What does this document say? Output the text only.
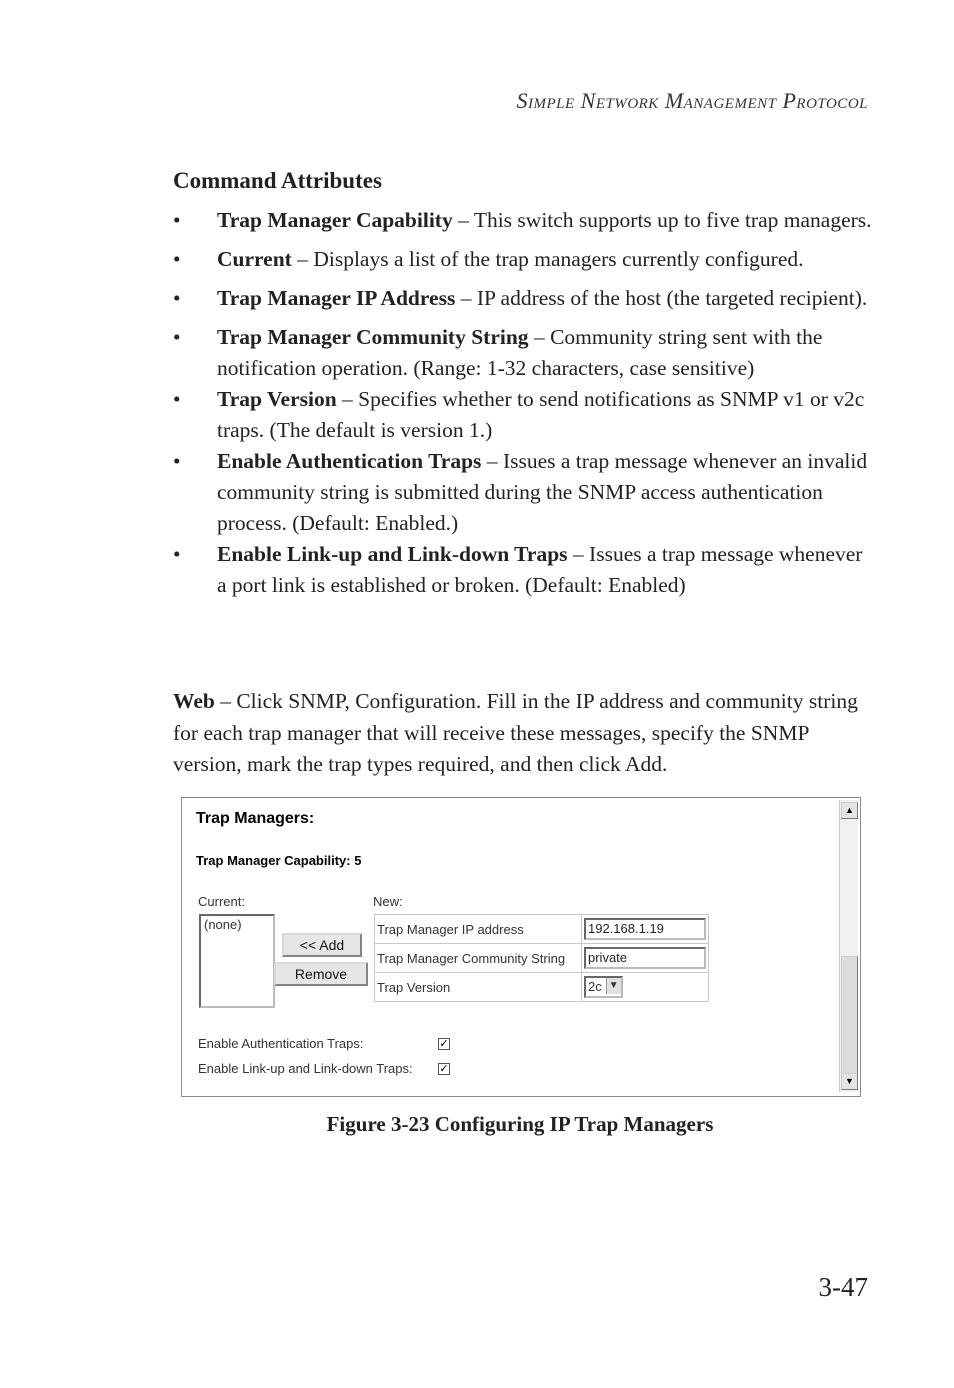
Simple Network Management Protocol
Command Attributes
• Trap Manager Capability – This switch supports up to five trap managers.
• Current – Displays a list of the trap managers currently configured.
• Trap Manager IP Address – IP address of the host (the targeted recipient).
• Trap Manager Community String – Community string sent with the notification operation. (Range: 1-32 characters, case sensitive)
• Trap Version – Specifies whether to send notifications as SNMP v1 or v2c traps. (The default is version 1.)
• Enable Authentication Traps – Issues a trap message whenever an invalid community string is submitted during the SNMP access authentication process. (Default: Enabled.)
• Enable Link-up and Link-down Traps – Issues a trap message whenever a port link is established or broken. (Default: Enabled)

Web – Click SNMP, Configuration. Fill in the IP address and community string for each trap manager that will receive these messages, specify the SNMP version, mark the trap types required, and then click Add.

Trap Managers:
Trap Manager Capability: 5
Current:	New:
(none)
<< Add
Remove
Trap Manager IP address	192.168.1.19

Trap Manager Community String	private

Trap Version	2c ▼
Enable Authentication Traps:	✓
Enable Link-up and Link-down Traps: ✓
▲
▼
Figure 3-23 Configuring IP Trap Managers
3-47
